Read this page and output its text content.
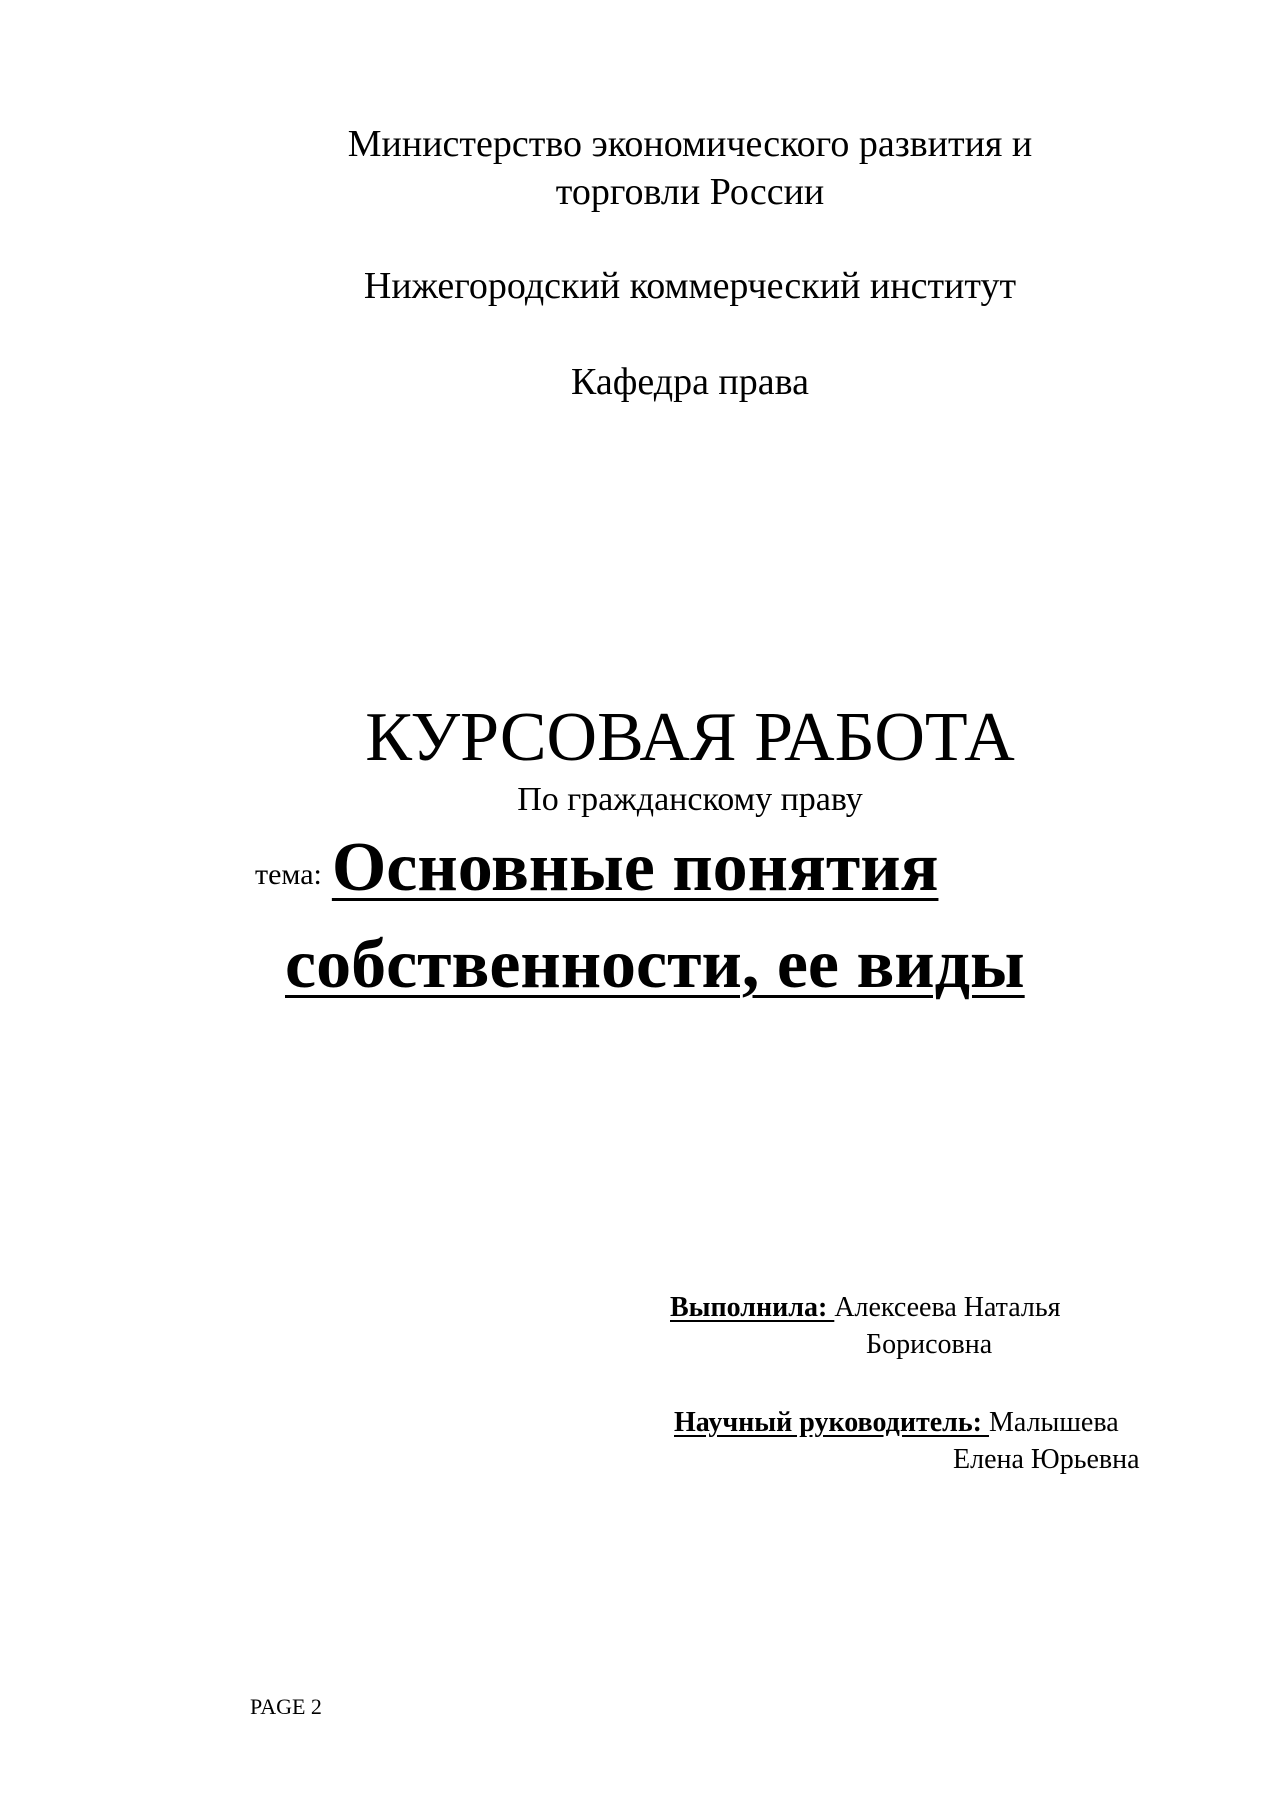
Министерство экономического развития и
торговли России
Нижегородский коммерческий институт
Кафедра права
КУРСОВАЯ РАБОТА
По гражданскому праву
тема: Основные понятия
собственности, ее виды
Выполнила: Алексеева Наталья
Борисовна
Научный руководитель: Малышева
Елена Юрьевна
PAGE 2
